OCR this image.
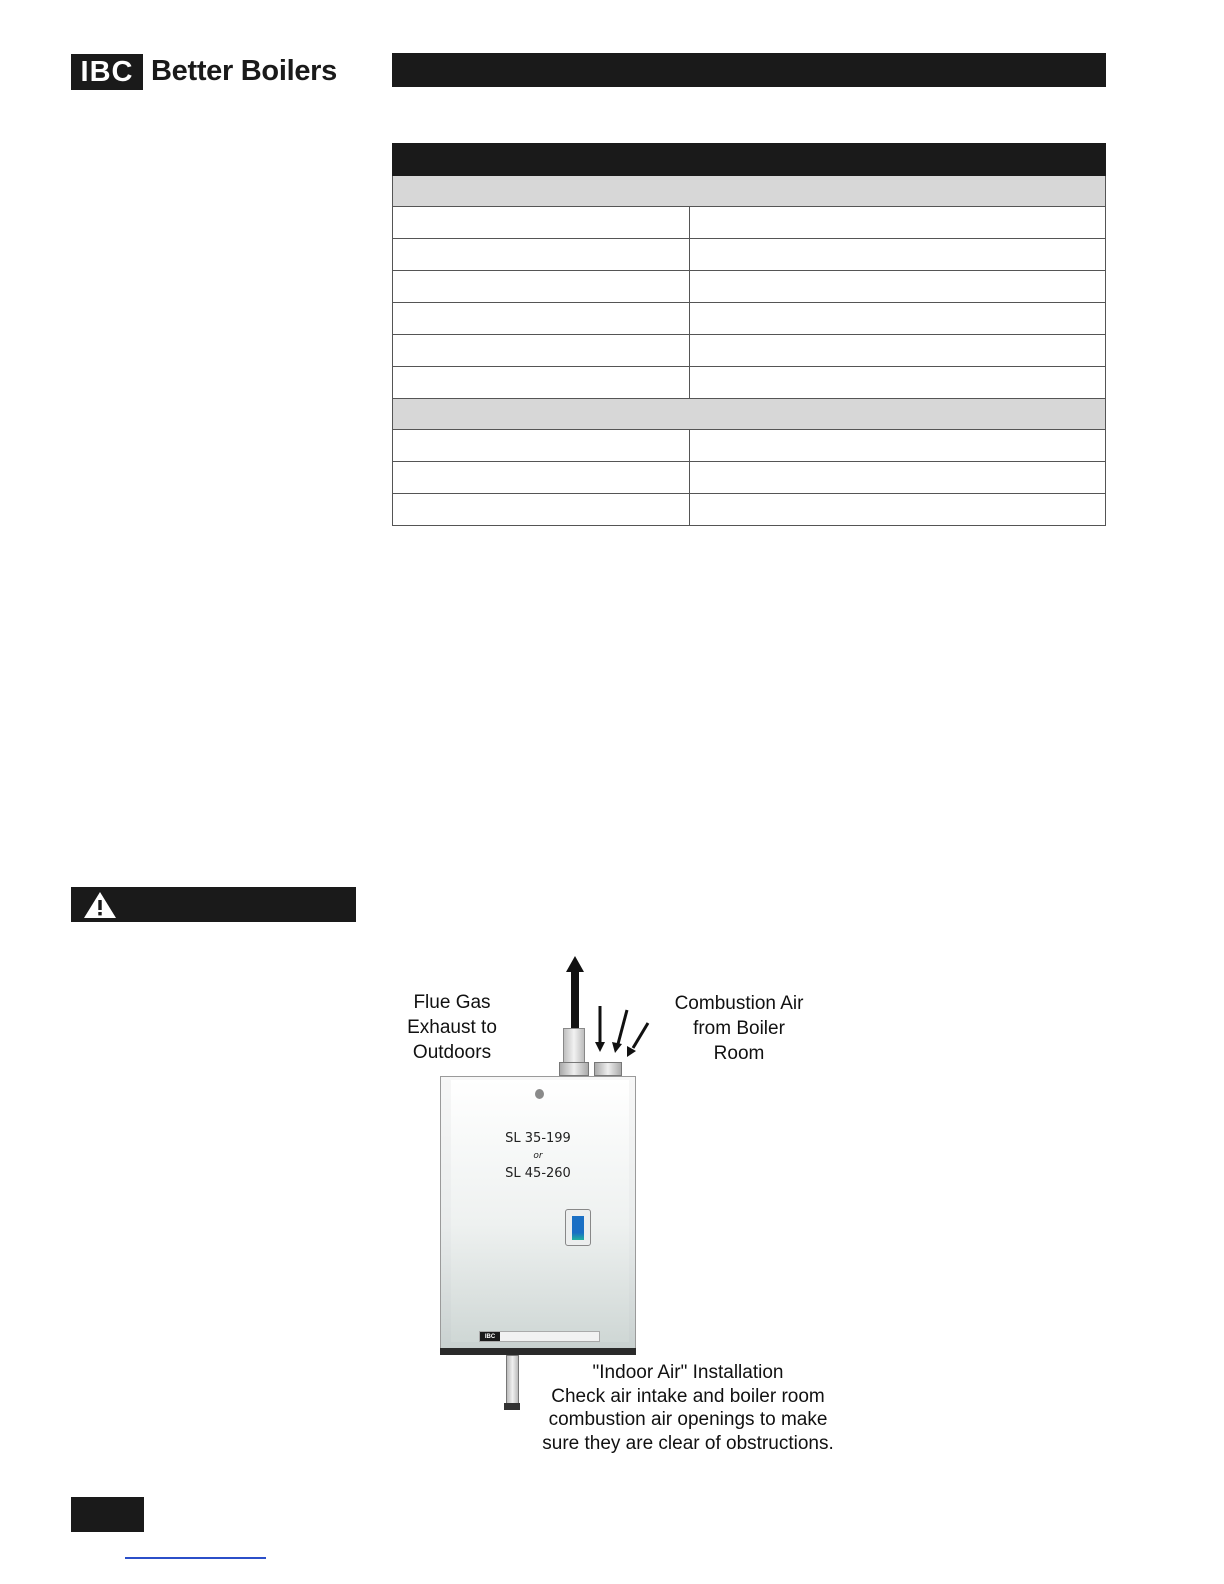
IBC Better Boilers
Flue Gas
Exhaust to
Outdoors
Combustion Air
from Boiler
Room
SL 35-199
or
SL 45-260
IBC
"Indoor Air" Installation
Check air intake and boiler room
combustion air openings to make
sure they are clear of obstructions.
